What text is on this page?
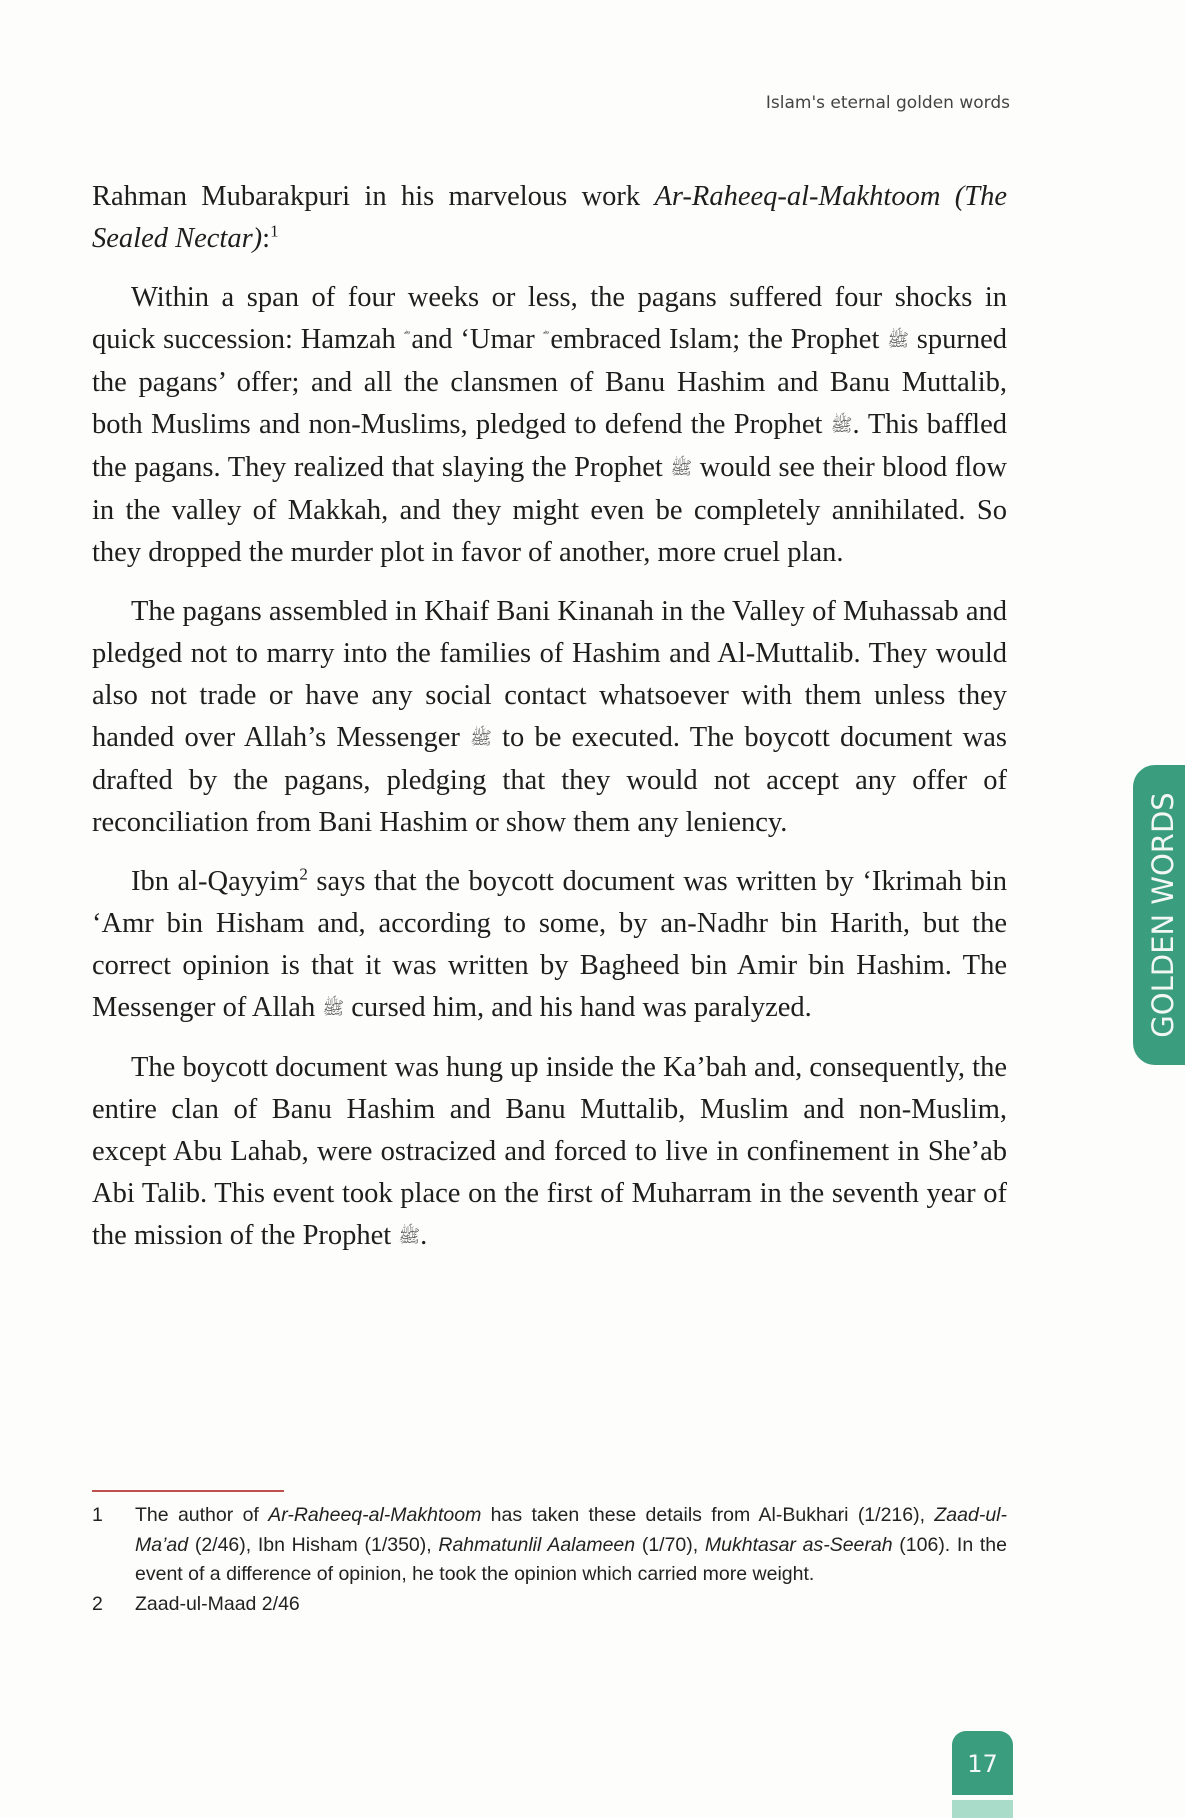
Islam's eternal golden words

Rahman Mubarakpuri in his marvelous work Ar-Raheeq-al-Makhtoom (The Sealed Nectar):$^1$

Within a span of four weeks or less, the pagans suffered four shocks in quick succession: Hamzah and ‘Umar embraced Islam; the Prophet ﷺ spurned the pagans’ offer; and all the clansmen of Banu Hashim and Banu Muttalib, both Muslims and non-Muslims, pledged to defend the Prophet ﷺ. This baffled the pagans. They realized that slaying the Prophet ﷺ would see their blood flow in the valley of Makkah, and they might even be completely annihilated. So they dropped the murder plot in favor of another, more cruel plan.

The pagans assembled in Khaif Bani Kinanah in the Valley of Muhassab and pledged not to marry into the families of Hashim and Al-Muttalib. They would also not trade or have any social contact whatsoever with them unless they handed over Allah’s Messenger ﷺ to be executed. The boycott document was drafted by the pagans, pledging that they would not accept any offer of reconciliation from Bani Hashim or show them any leniency.

Ibn al-Qayyim$^2$ says that the boycott document was written by ‘Ikrimah bin ‘Amr bin Hisham and, according to some, by an-Nadhr bin Harith, but the correct opinion is that it was written by Bagheed bin Amir bin Hashim. The Messenger of Allah ﷺ cursed him, and his hand was paralyzed.

The boycott document was hung up inside the Ka’bah and, consequently, the entire clan of Banu Hashim and Banu Muttalib, Muslim and non-Muslim, except Abu Lahab, were ostracized and forced to live in confinement in She’ab Abi Talib. This event took place on the first of Muharram in the seventh year of the mission of the Prophet ﷺ.

1	The author of Ar-Raheeq-al-Makhtoom has taken these details from Al-Bukhari (1/216), Zaad-ul-Ma’ad (2/46), Ibn Hisham (1/350), Rahmatunlil Aalameen (1/70), Mukhtasar as-Seerah (106). In the event of a difference of opinion, he took the opinion which carried more weight.
2	Zaad-ul-Maad 2/46
GOLDEN WORDS
17
